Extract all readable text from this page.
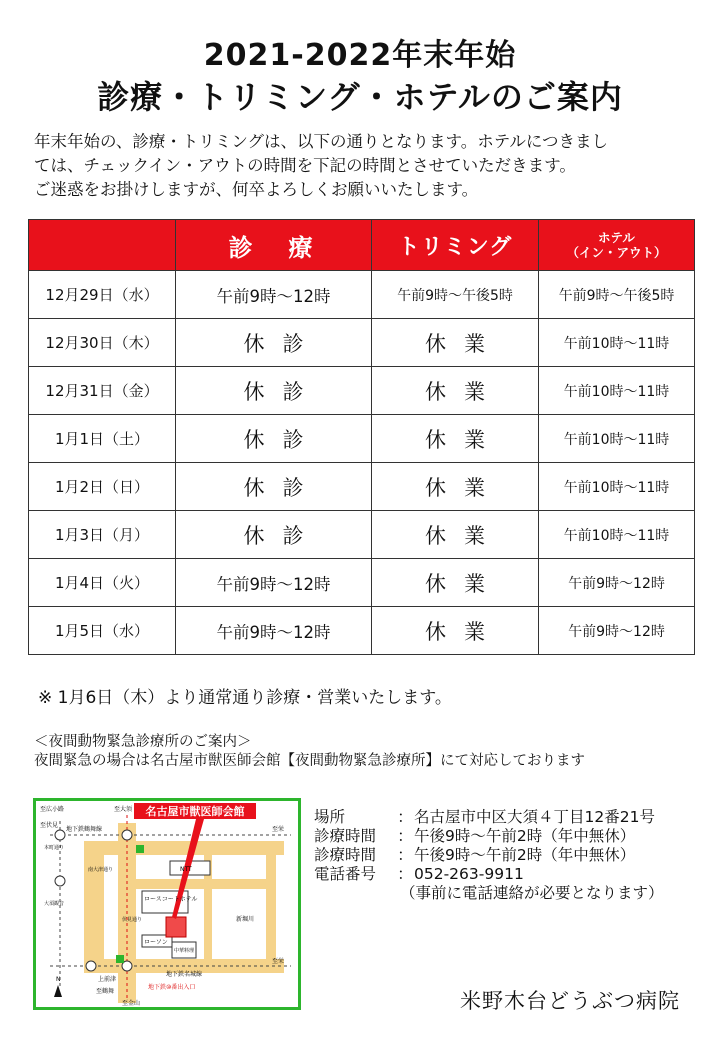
2021-2022年末年始
診療・トリミング・ホテルのご案内

年末年始の、診療・トリミングは、以下の通りとなります。ホテルにつきまし

ては、チェックイン・アウトの時間を下記の時間とさせていただきます。

ご迷惑をお掛けしますが、何卒よろしくお願いいたします。

	診　療	トリミング	ホテル
（イン・アウト）

12月29日（水）	午前9時～12時	午前9時～午後5時	午前9時～午後5時
12月30日（木）	休診	休業	午前10時～11時
12月31日（金）	休診	休業	午前10時～11時
1月1日（土）	休診	休業	午前10時～11時
1月2日（日）	休診	休業	午前10時～11時
1月3日（月）	休診	休業	午前10時～11時
1月4日（火）	午前9時～12時	休業	午前9時～12時
1月5日（水）	午前9時～12時	休業	午前9時～12時
※ 1月6日（木）より通常通り診療・営業いたします。

＜夜間動物緊急診療所のご案内＞

夜間緊急の場合は名古屋市獣医師会館【夜間動物緊急診療所】にて対応しております

名古屋市獣医師会館
至広小路	至大須
至伏見
地下鉄鶴舞線	至栄
NTT
ロースコートホテル
ローソン
中華料理
新堀川
南大津通り
伏見通り
地下鉄名城線
至栄
上前津
至鶴舞
至金山
地下鉄⑩番出入口
大須観音
本町通り
N
場所	： 名古屋市中区大須４丁目12番21号
診療時間 ： 午後9時～午前2時（年中無休）
診療時間 ： 午後9時～午前2時（年中無休）
電話番号 ： 052-263-9911
（事前に電話連絡が必要となります）
米野木台どうぶつ病院
